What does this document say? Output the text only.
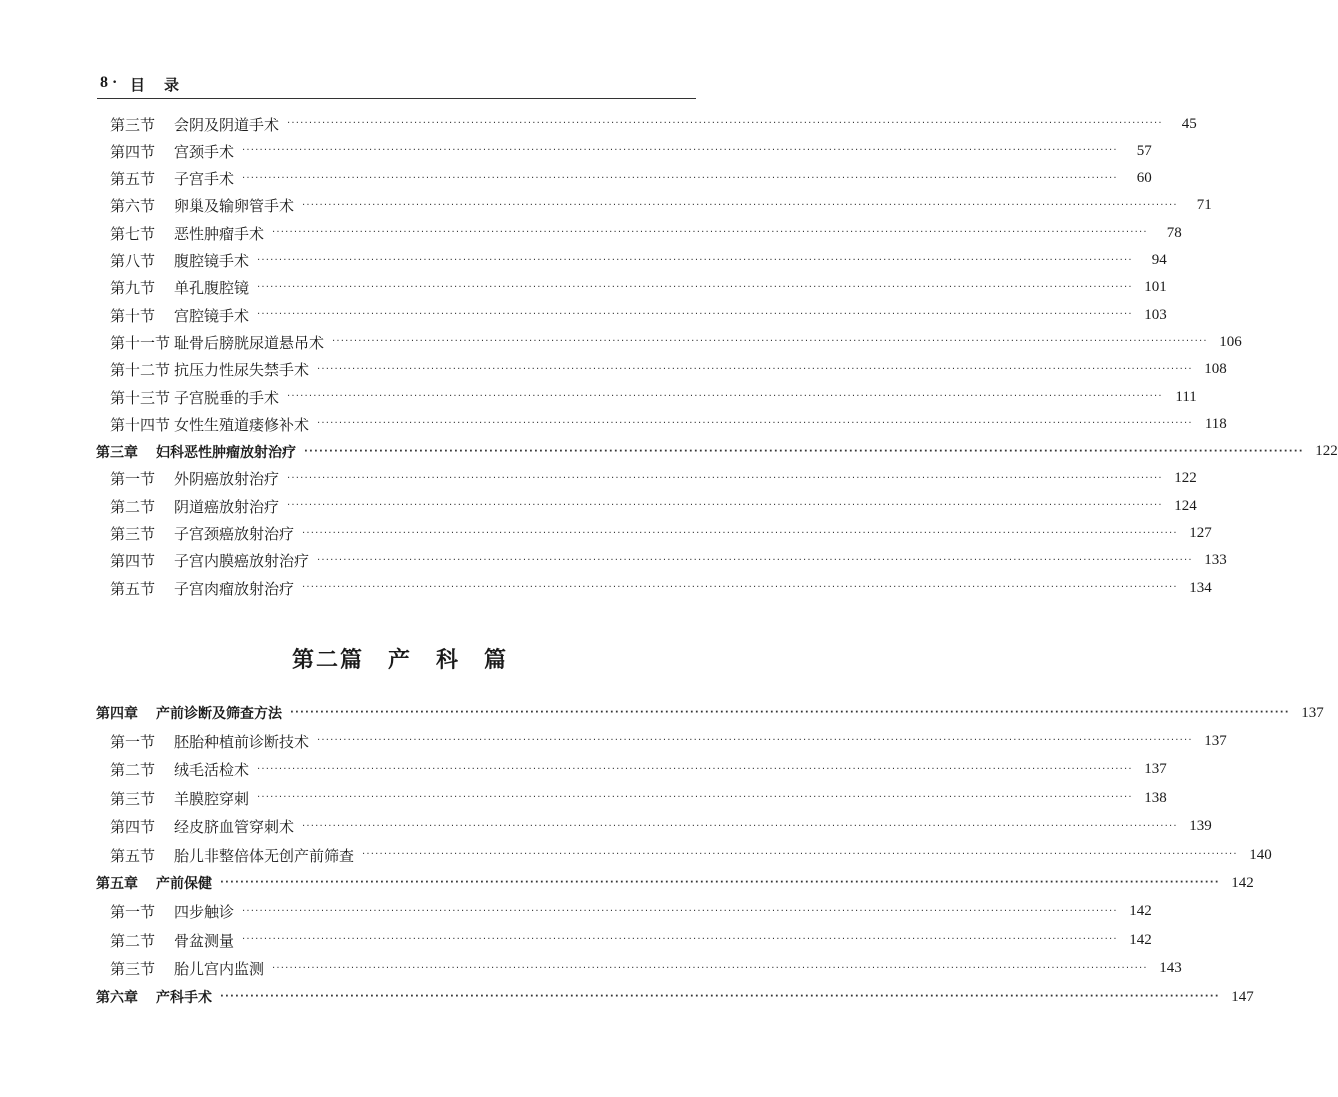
8 · 目　录
第三节	会阴及阴道手术 ········································································································································································································	45
第四节	宫颈手术 ········································································································································································································	57
第五节	子宫手术 ········································································································································································································	60
第六节	卵巢及输卵管手术 ········································································································································································································	71
第七节	恶性肿瘤手术 ········································································································································································································	78
第八节	腹腔镜手术 ········································································································································································································	94
第九节	单孔腹腔镜 ········································································································································································································ 101
第十节	宫腔镜手术 ········································································································································································································ 103
第十一节 耻骨后膀胱尿道悬吊术 ········································································································································································································ 106
第十二节 抗压力性尿失禁手术 ········································································································································································································ 108
第十三节 子宫脱垂的手术 ········································································································································································································ 111
第十四节 女性生殖道瘘修补术 ········································································································································································································ 118
第三章	妇科恶性肿瘤放射治疗 ········································································································································································································ 122
第一节	外阴癌放射治疗 ········································································································································································································ 122
第二节	阴道癌放射治疗 ········································································································································································································ 124
第三节	子宫颈癌放射治疗 ········································································································································································································ 127
第四节	子宫内膜癌放射治疗 ········································································································································································································ 133
第五节	子宫肉瘤放射治疗 ········································································································································································································ 134
第二篇　产　科　篇
第四章	产前诊断及筛查方法 ········································································································································································································ 137
第一节	胚胎种植前诊断技术 ········································································································································································································ 137
第二节	绒毛活检术 ········································································································································································································ 137
第三节	羊膜腔穿刺 ········································································································································································································ 138
第四节	经皮脐血管穿刺术 ········································································································································································································ 139
第五节	胎儿非整倍体无创产前筛查 ········································································································································································································ 140
第五章	产前保健 ········································································································································································································ 142
第一节	四步触诊 ········································································································································································································ 142
第二节	骨盆测量 ········································································································································································································ 142
第三节	胎儿宫内监测 ········································································································································································································ 143
第六章	产科手术 ········································································································································································································ 147
